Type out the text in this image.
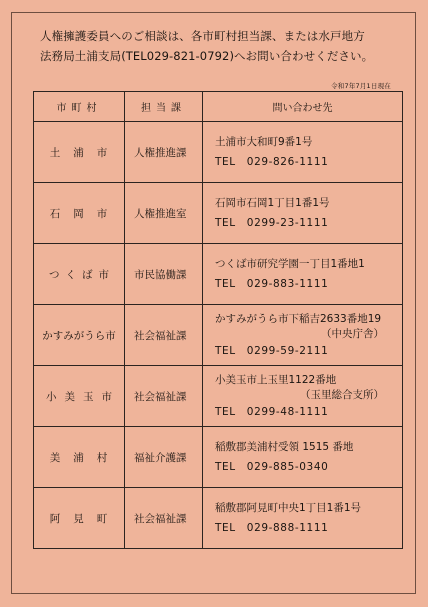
人権擁護委員へのご相談は、各市町村担当課、または水戸地方
法務局土浦支局(TEL029-821-0792)へお問い合わせください。
令和7年7月1日現在
市町村	担当課	問い合わせ先
土浦市	人権推進課	土浦市大和町9番1号
TEL　029-826-1111

石岡市	人権推進室	石岡市石岡1丁目1番1号
TEL　0299-23-1111

つくば市	市民協働課	つくば市研究学園一丁目1番地1
TEL　029-883-1111

かすみがうら市	社会福祉課	かすみがうら市下稲吉2633番地19
（中央庁舎）
TEL　0299-59-2111

小美玉市	社会福祉課	小美玉市上玉里1122番地
（玉里総合支所）
TEL　0299-48-1111

美浦村	福祉介護課	稲敷郡美浦村受領 1515 番地
TEL　029-885-0340

阿見町	社会福祉課	稲敷郡阿見町中央1丁目1番1号
TEL　029-888-1111
